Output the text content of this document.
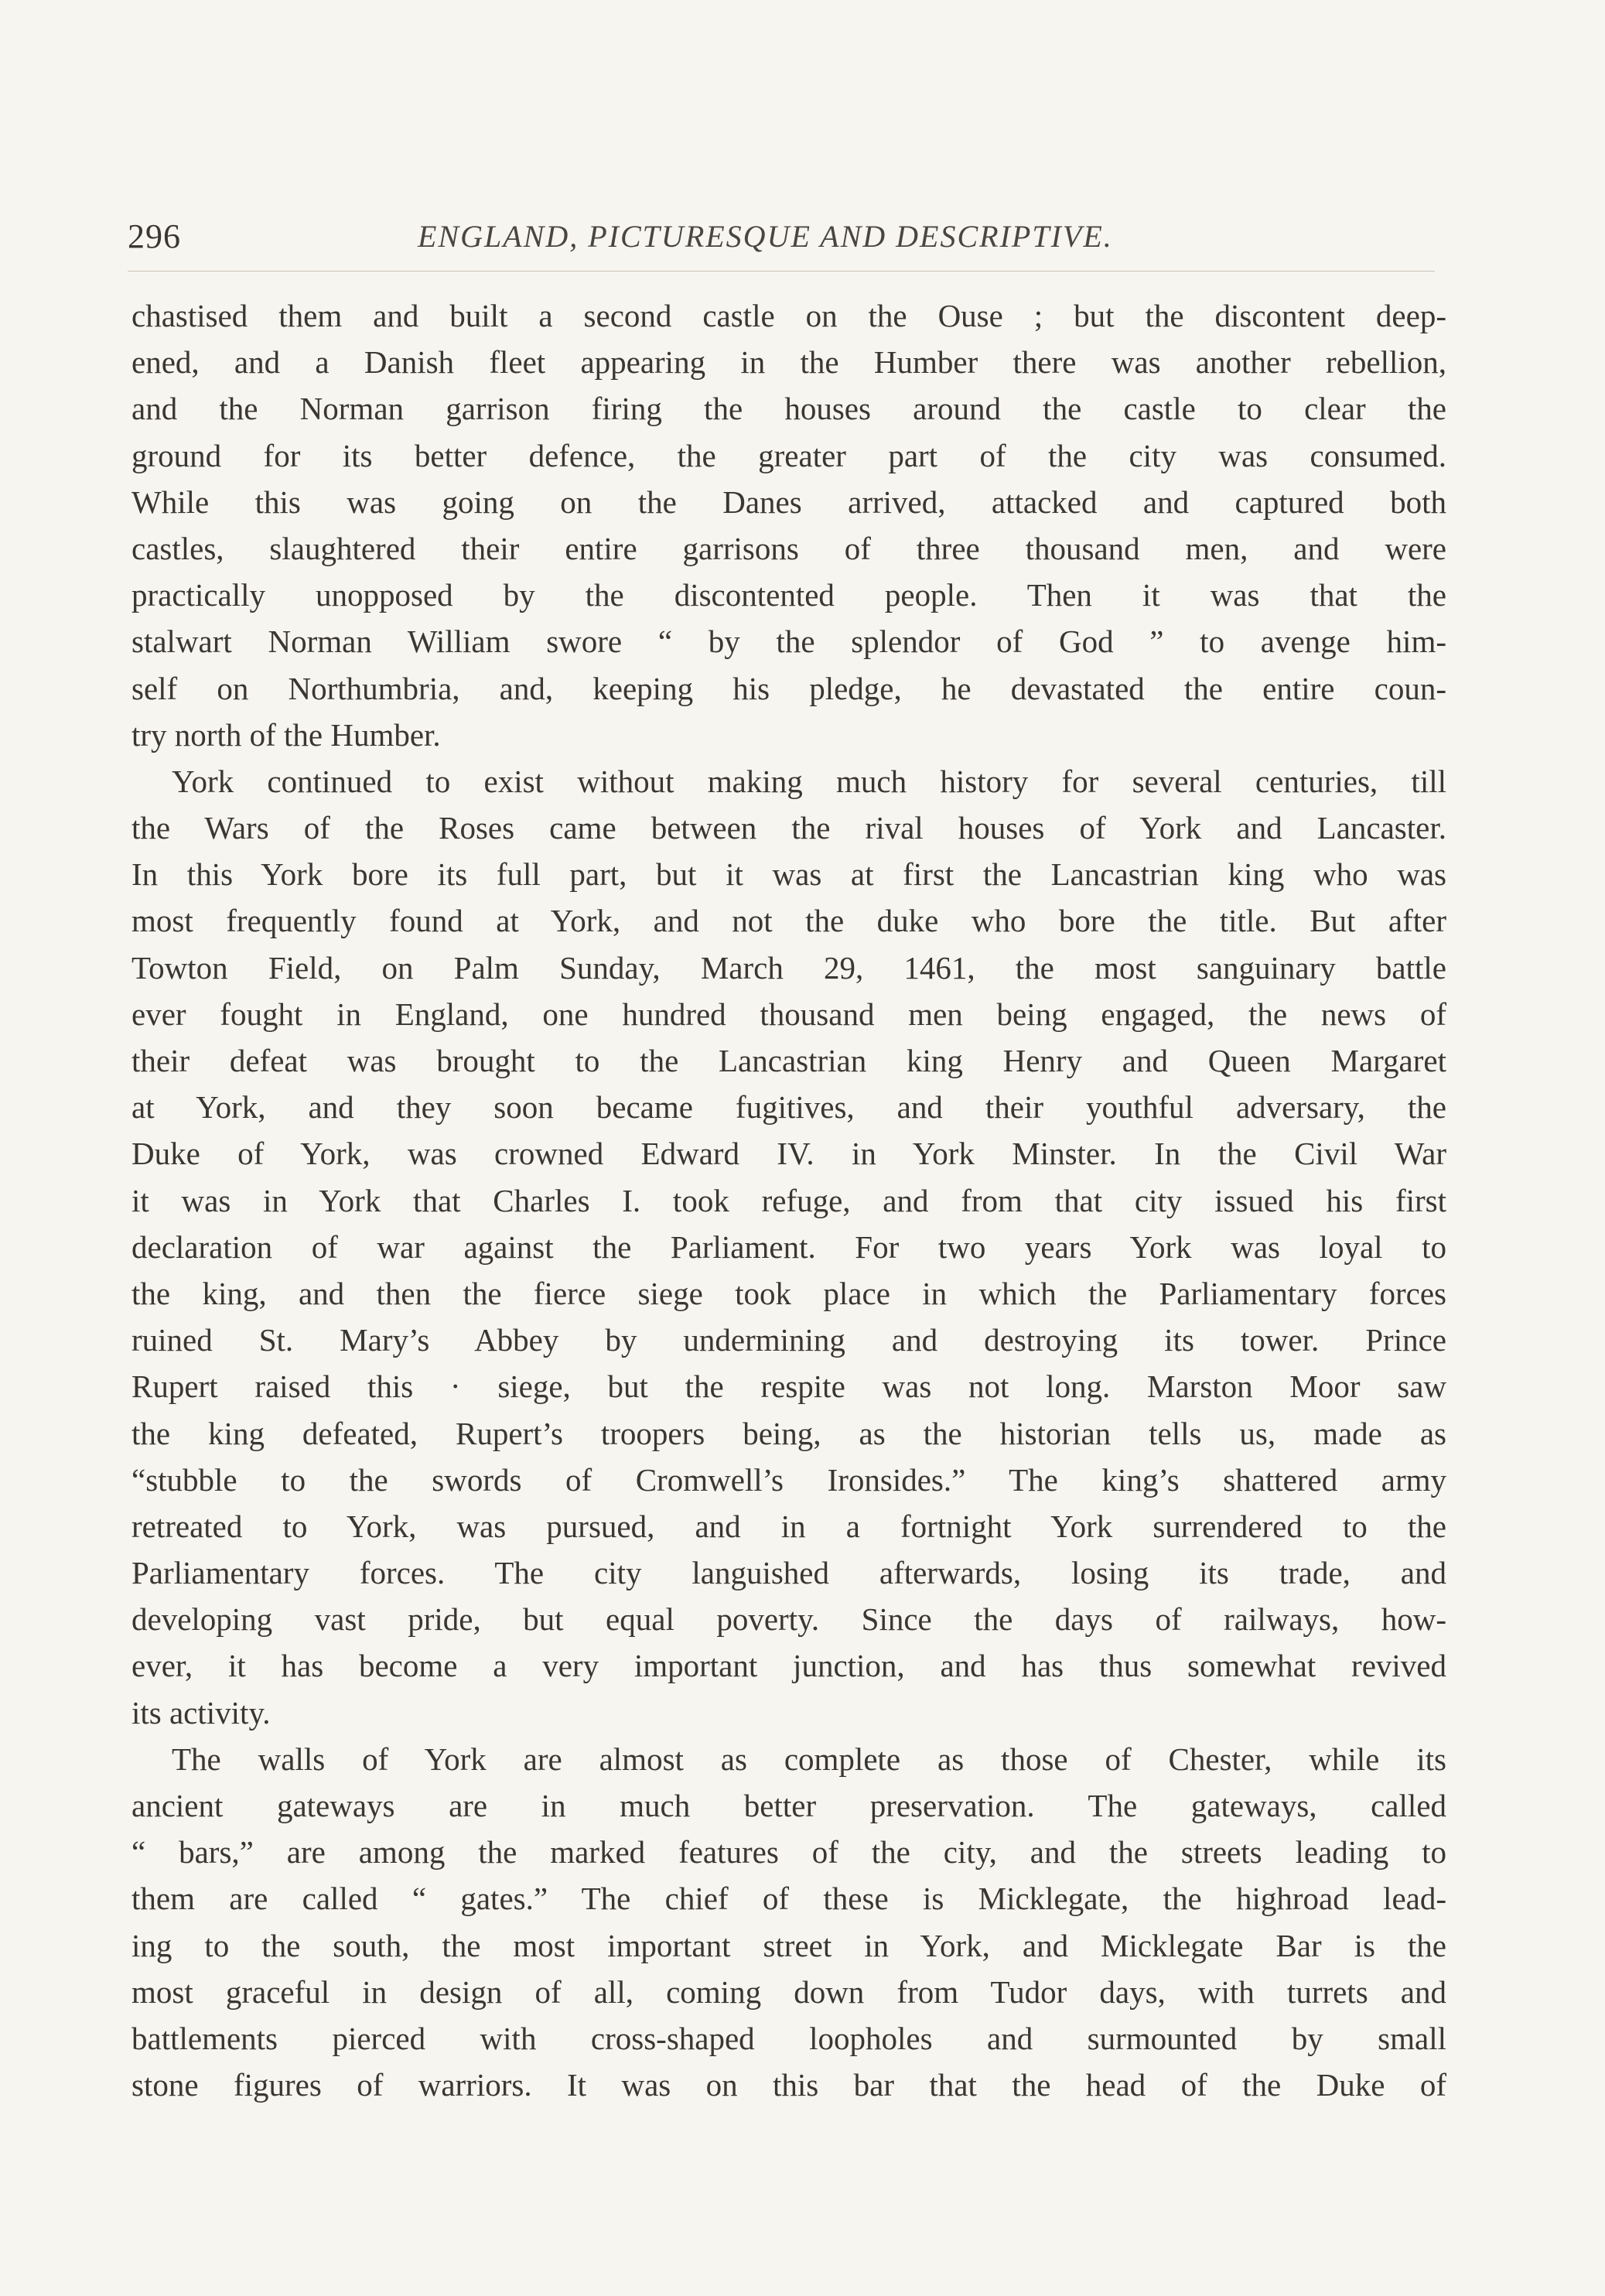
296	ENGLAND, PICTURESQUE AND DESCRIPTIVE.
chastised them and built a second castle on the Ouse ; but the discontent deep-
ened, and a Danish fleet appearing in the Humber there was another rebellion,
and the Norman garrison firing the houses around the castle to clear the
ground for its better defence, the greater part of the city was consumed.
While this was going on the Danes arrived, attacked and captured both
castles, slaughtered their entire garrisons of three thousand men, and were
practically unopposed by the discontented people. Then it was that the
stalwart Norman William swore “ by the splendor of God ” to avenge him-
self on Northumbria, and, keeping his pledge, he devastated the entire coun-
try north of the Humber.
York continued to exist without making much history for several centuries, till
the Wars of the Roses came between the rival houses of York and Lancaster.
In this York bore its full part, but it was at first the Lancastrian king who was
most frequently found at York, and not the duke who bore the title. But after
Towton Field, on Palm Sunday, March 29, 1461, the most sanguinary battle
ever fought in England, one hundred thousand men being engaged, the news of
their defeat was brought to the Lancastrian king Henry and Queen Margaret
at York, and they soon became fugitives, and their youthful adversary, the
Duke of York, was crowned Edward IV. in York Minster. In the Civil War
it was in York that Charles I. took refuge, and from that city issued his first
declaration of war against the Parliament. For two years York was loyal to
the king, and then the fierce siege took place in which the Parliamentary forces
ruined St. Mary’s Abbey by undermining and destroying its tower. Prince
Rupert raised this · siege, but the respite was not long. Marston Moor saw
the king defeated, Rupert’s troopers being, as the historian tells us, made as
“stubble to the swords of Cromwell’s Ironsides.” The king’s shattered army
retreated to York, was pursued, and in a fortnight York surrendered to the
Parliamentary forces. The city languished afterwards, losing its trade, and
developing vast pride, but equal poverty. Since the days of railways, how-
ever, it has become a very important junction, and has thus somewhat revived
its activity.
The walls of York are almost as complete as those of Chester, while its
ancient gateways are in much better preservation. The gateways, called
“ bars,” are among the marked features of the city, and the streets leading to
them are called “ gates.” The chief of these is Micklegate, the highroad lead-
ing to the south, the most important street in York, and Micklegate Bar is the
most graceful in design of all, coming down from Tudor days, with turrets and
battlements pierced with cross-shaped loopholes and surmounted by small
stone figures of warriors. It was on this bar that the head of the Duke of
